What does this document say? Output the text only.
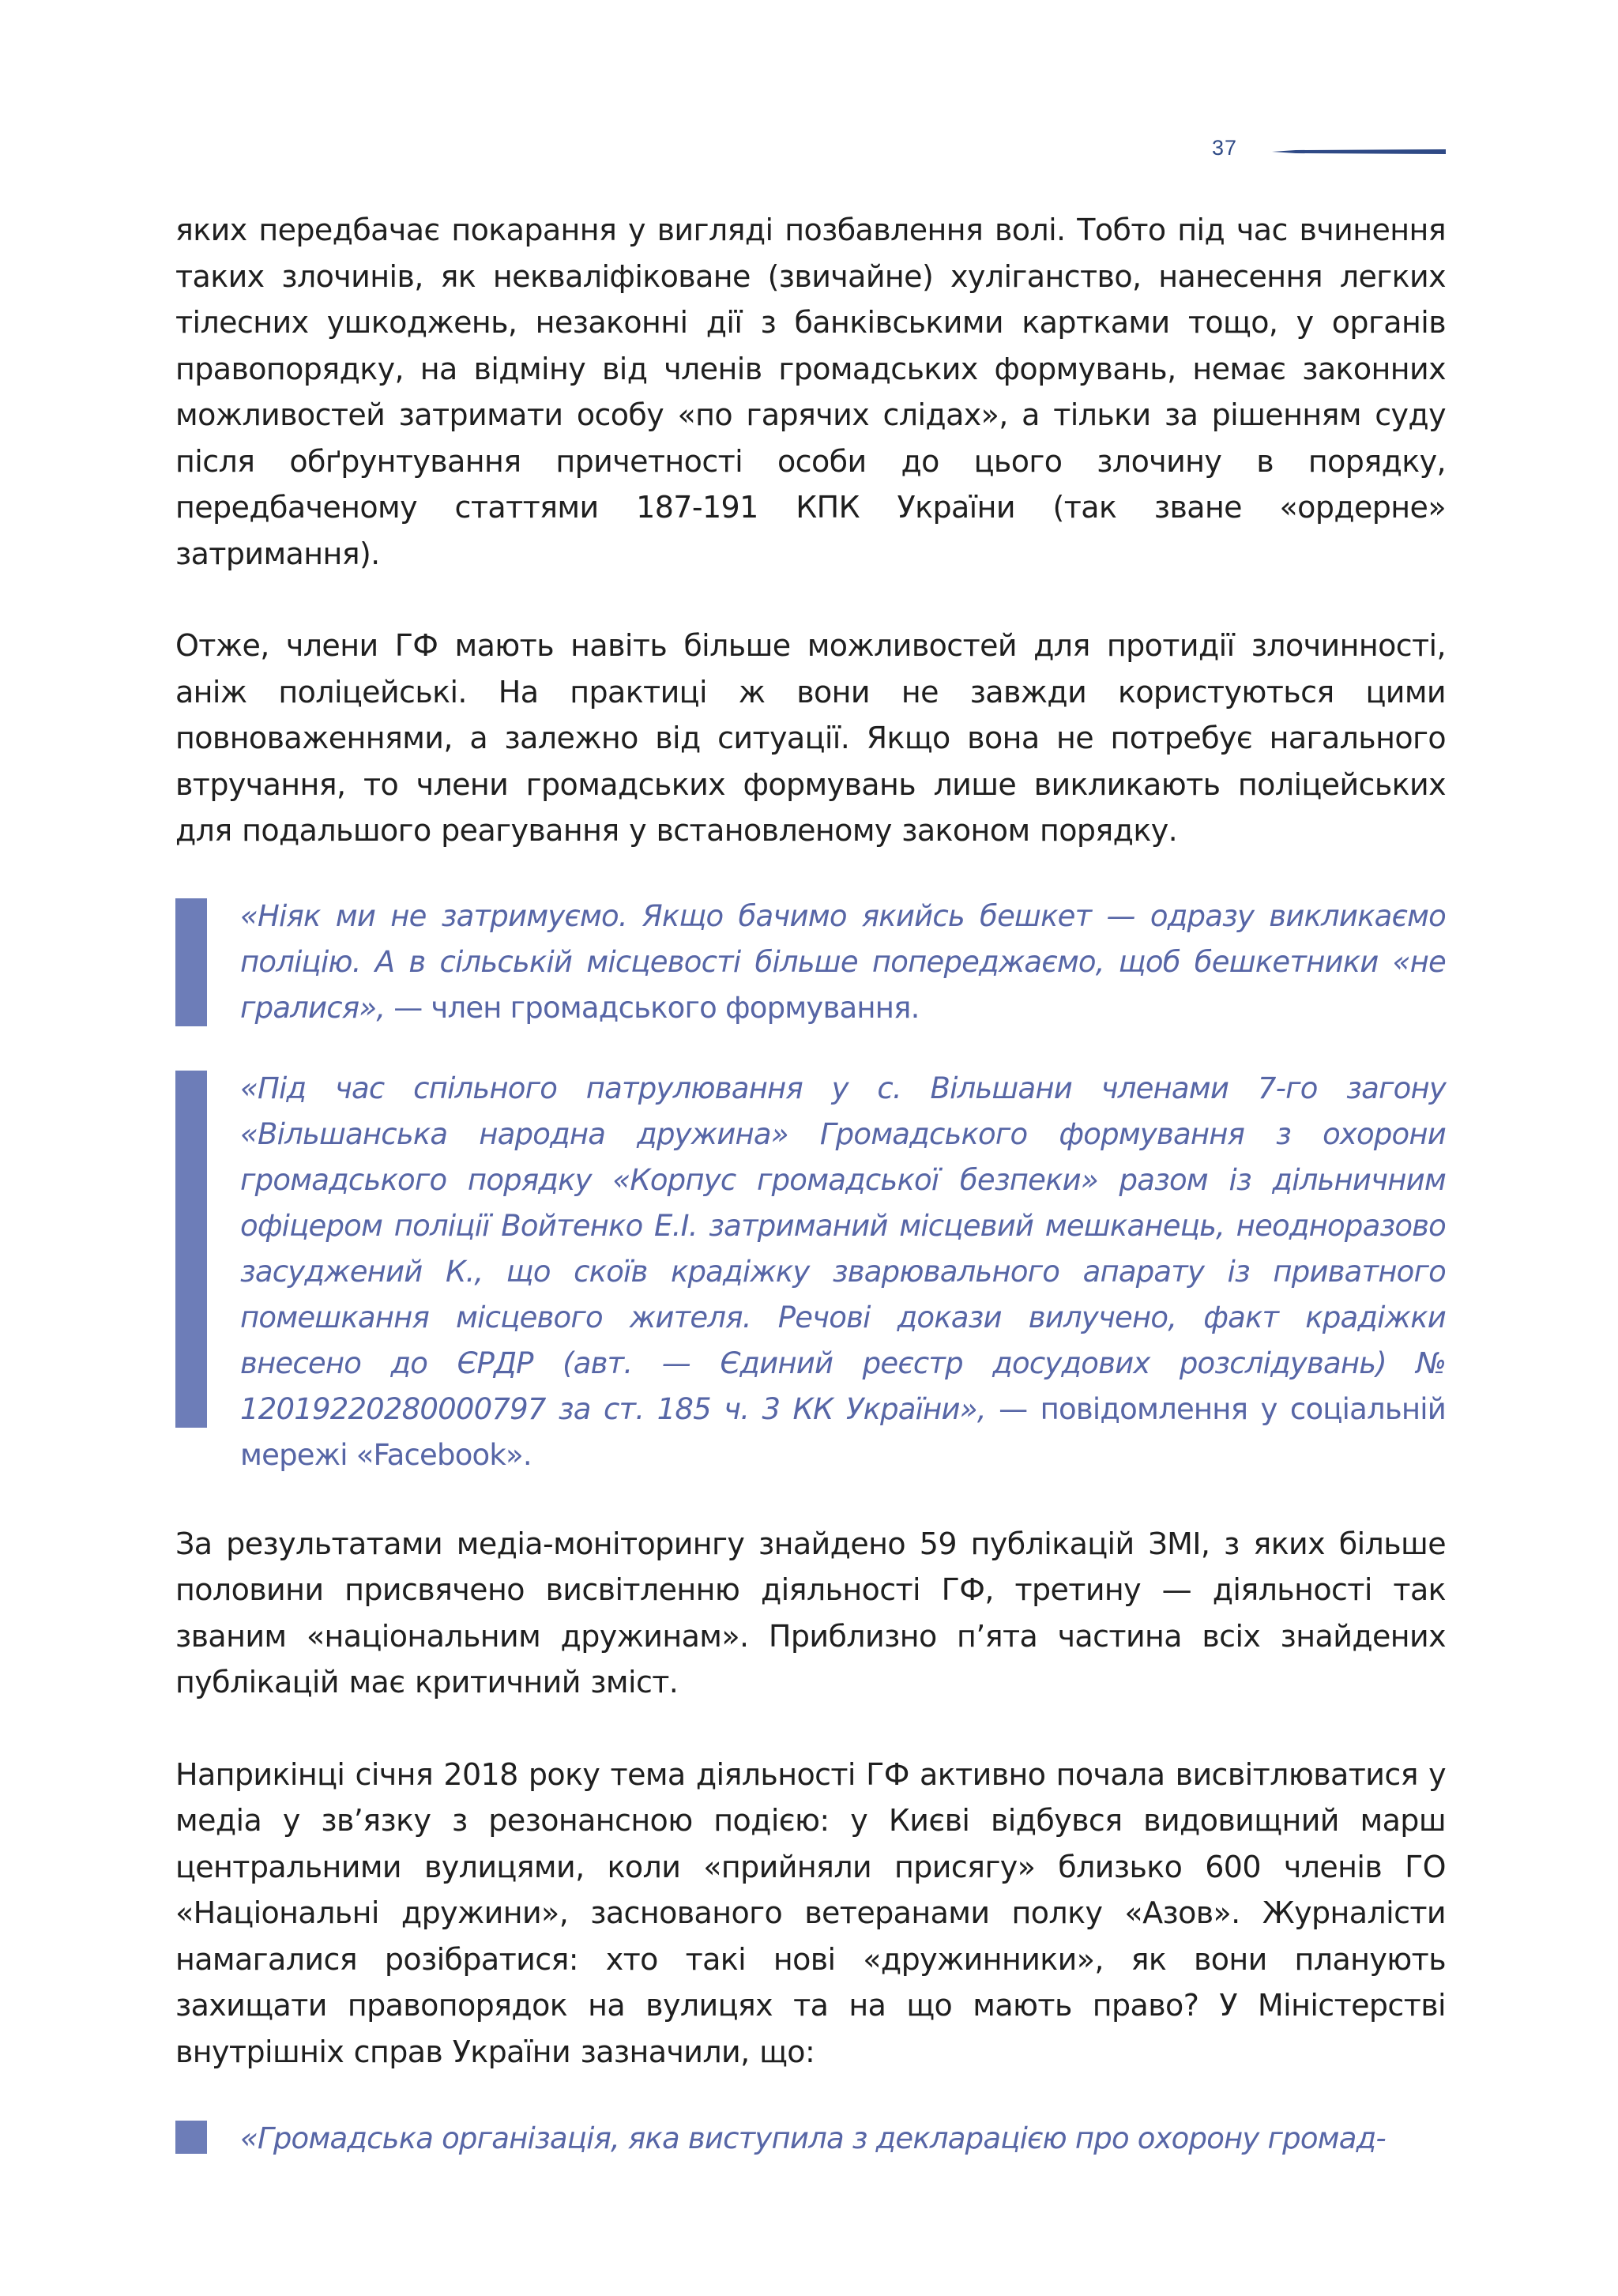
37

яких передбачає покарання у вигляді позбавлення волі. Тобто під час вчинення таких злочинів, як некваліфіковане (звичайне) хуліганство, нанесення легких тілесних ушкоджень, незаконні дії з банківськими картками тощо, у органів правопорядку, на відміну від членів громадських формувань, немає законних можливостей затримати особу «по гарячих слідах», а тільки за рішенням суду після обґрунтування причетності особи до цього злочину в порядку, передбаченому статтями 187-191 КПК України (так зване «ордерне» затримання).

Отже, члени ГФ мають навіть більше можливостей для протидії злочинності, аніж поліцейські. На практиці ж вони не завжди користуються цими повноваженнями, а залежно від ситуації. Якщо вона не потребує нагального втручання, то члени громадських формувань лише викликають поліцейських для подальшого реагування у встановленому законом порядку.

«Ніяк ми не затримуємо. Якщо бачимо якийсь бешкет — одразу викликаємо поліцію. А в сільській місцевості більше попереджаємо, щоб бешкетники «не гралися», — член громадського формування.

«Під час спільного патрулювання у с. Вільшани членами 7-го загону «Вільшанська народна дружина» Громадського формування з охорони громадського порядку «Корпус громадської безпеки» разом із дільничним офіцером поліції Войтенко Е.І. затриманий місцевий мешканець, неодноразово засуджений К., що скоїв крадіжку зварювального апарату із приватного помешкання місцевого жителя. Речові докази вилучено, факт крадіжки внесено до ЄРДР (авт. — Єдиний реєстр досудових розслідувань) № 12019220280000797 за ст. 185 ч. 3 КК України», — повідомлення у соціальній мережі «Facebook».

За результатами медіа-моніторингу знайдено 59 публікацій ЗМІ, з яких більше половини присвячено висвітленню діяльності ГФ, третину — діяльності так званим «національним дружинам». Приблизно п’ята частина всіх знайдених публікацій має критичний зміст.

Наприкінці січня 2018 року тема діяльності ГФ активно почала висвітлюватися у медіа у зв’язку з резонансною подією: у Києві відбувся видовищний марш центральними вулицями, коли «прийняли присягу» близько 600 членів ГО «Національні дружини», заснованого ветеранами полку «Азов». Журналісти намагалися розібратися: хто такі нові «дружинники», як вони планують захищати правопорядок на вулицях та на що мають право? У Міністерстві внутрішніх справ України зазначили, що:

«Громадська організація, яка виступила з декларацією про охорону громад-
